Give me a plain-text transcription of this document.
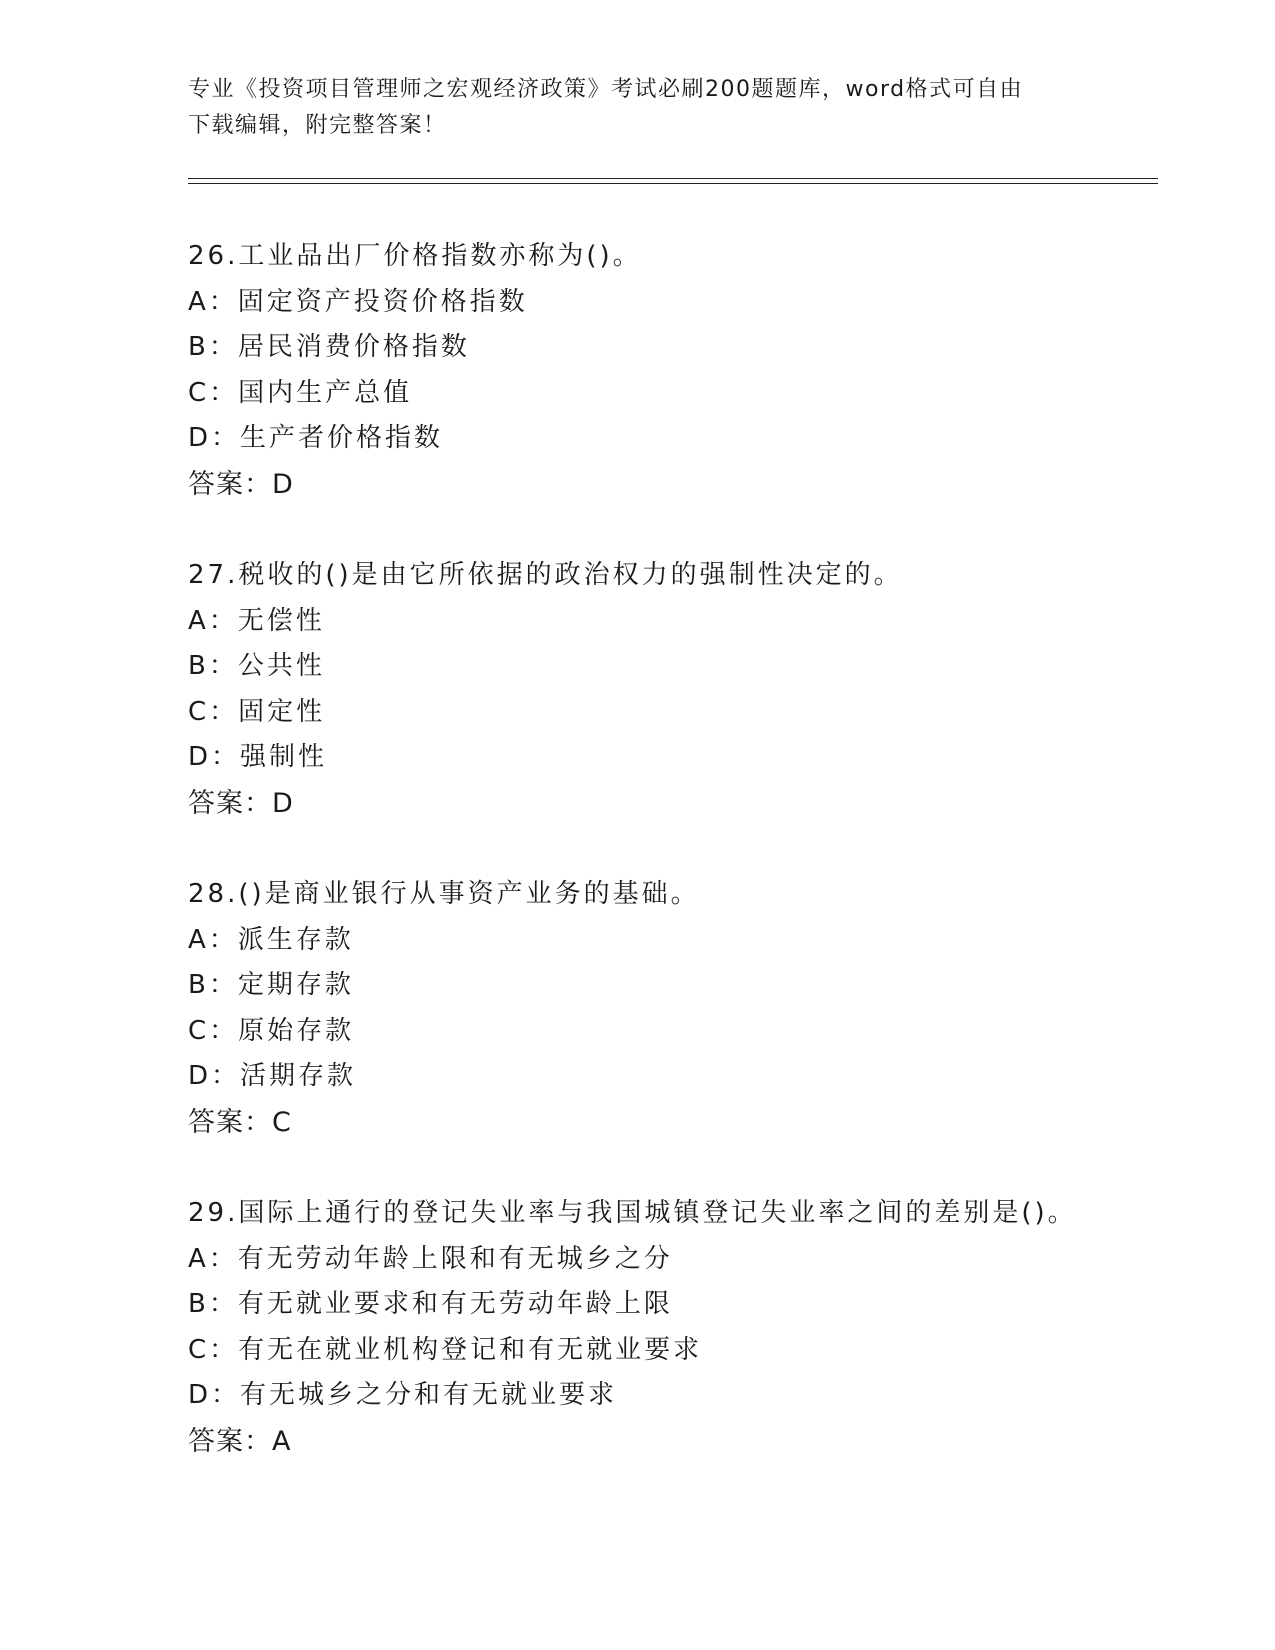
专业《投资项目管理师之宏观经济政策》考试必刷200题题库，word格式可自由
下载编辑，附完整答案！
26.工业品出厂价格指数亦称为()。
A：固定资产投资价格指数
B：居民消费价格指数
C：国内生产总值
D：生产者价格指数
答案：D
27.税收的()是由它所依据的政治权力的强制性决定的。
A：无偿性
B：公共性
C：固定性
D：强制性
答案：D
28.()是商业银行从事资产业务的基础。
A：派生存款
B：定期存款
C：原始存款
D：活期存款
答案：C
29.国际上通行的登记失业率与我国城镇登记失业率之间的差别是()。
A：有无劳动年龄上限和有无城乡之分
B：有无就业要求和有无劳动年龄上限
C：有无在就业机构登记和有无就业要求
D：有无城乡之分和有无就业要求
答案：A
